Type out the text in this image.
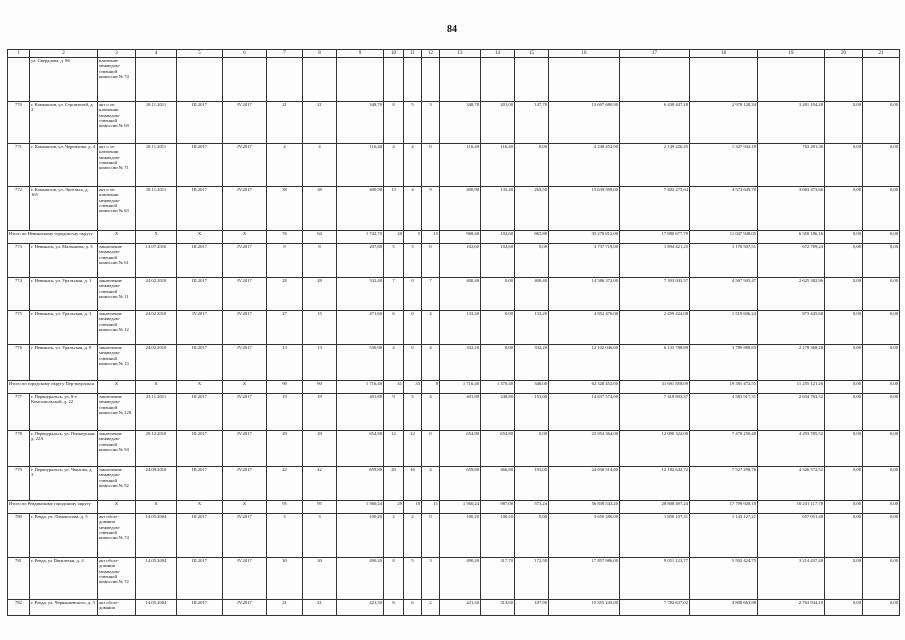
84
1	2	3	4	5	6	7	8	9	10	11	12	13	14	15	16	17	18	19	20	21
	ул. Свердлова, д. 86	ключение межведом-ственной комиссии № 74																		
770	г. Камышлов, ул. Строителей, д. 2	акт о за-ключении межведом-ственной комиссии № 69	18.11.2011	III.2017	IV.2017	21	21	348,70	8	5	3	348,70	201,00	147,70	13 697 680,90	6 438 447,28	2 978 128,34	3 281 104,28	0,00	0,00
771	г. Камышлов, ул. Черемхова, д. 4	акт о за-ключении межведом-ственной комиссии № 71	18.11.2011	III.2017	IV.2017	4	4	116,40	4	4	0	116,40	116,40	0,00	4 240 452,00	2 149 226,45	1 327 944,19	763 281,36	0,00	0,00
772	г. Камышлов, ул. Энгельса, д. 165	акт о за-ключении межведом-ственной комиссии № 63	18.11.2011	III.2017	IV.2017	38	38	400,90	13	4	9	400,90	135,40	265,50	15 639 399,00	7 402 275,64	4 573 649,70	3 663 473,66	0,00	0,00
Итого по Невьянскому городско-му округу		X	X	X	X	76	64	1 742,70	20	5	15	968,40	102,60	865,80	35 278 812,00	17 880 677,79	11 047 948,05	6 350 186,16	0,00	0,00
773	г. Невьянск, ул. Малышева, д. 3	заключение межведом-ственной комиссии № 61	13.07.2010	III.2017	IV.2017	8	8	207,80	5	5	0	102,60	102,60	0,00	3 737 718,00	1 894 421,25	1 170 507,51	672 789,24	0,00	0,00
774	г. Невьянск, ул. Уральская, д. 1	заключение межведом-ственной комиссии № 11	24.02.2010	III.2017	IV.2017	28	28	532,40	7	0	7	400,40	0,00	400,40	14 586 372,00	7 393 043,57	4 567 945,47	2 625 382,96	0,00	0,00
775	г. Невьянск, ул. Уральская, д. 3	заключение межведом-ственной комиссии № 12	24.02.2010	IV.2017	IV.2017	27	15	471,60	6	0	4	133,20	0,00	133,20	4 852 476,00	2 459 424,08	1 519 606,24	873 445,68	0,00	0,00
776	г. Невьянск, ул. Уральская, д. 9	заключение межведом-ственной комиссии № 13	24.02.2010	III.2017	IV.2017	13	13	530,90	4	0	4	332,20	0,00	332,20	12 102 046,00	6 133 788,89	3 789 888,83	2 178 368,28	0,00	0,00
Итого по городскому округу Пер-воуральск		X	X	X	X	90	90	1 716,40	41	33	8	1 716,40	1 370,40	346,00	62 528 452,00	31 691 858,09	19 581 472,55	11 255 121,26	0,00	0,00
777	г. Первоуральск, ул. 8-е Комсомольской, д. 22	заключение межведом-ственной комиссии № 128	25.11.2011	III.2017	IV.2017	19	19	401,80	9	5	4	401,80	248,80	153,00	14 637 574,00	7 418 803,37	4 583 917,31	2 634 763,32	0,00	0,00
778	г. Первоуральск, ул. Пионерская, д. 22А	заключение межведом-ственной комиссии № 94	29.12.2010	III.2017	IV.2017	29	29	654,80	12	12	0	654,80	654,80	0,00	23 854 364,00	12 090 322,00	7 470 256,48	4 293 785,52	0,00	0,00
779	г. Первоуральск, ул. Чкалова, д. 3	заключение межведом-ственной комиссии № 92	24.09.2010	III.2017	IV.2017	42	42	659,80	20	16	4	659,80	466,80	193,00	24 036 514,00	12 182 642,72	7 527 298,76	4 326 572,52	0,00	0,00
Итого по Ревдинскому городскому округу		X	X	X	X	95	95	1 560,24	29	18	11	1 560,24	987,00	573,24	56 839 543,20	28 808 497,24	17 799 928,18	10 231 117,78	0,00	0,00
780	г. Ревда, ул. Ломоносова, д. 5	акт обсле-дования межведом-ственной комиссии № 74	14.05.2004	III.2017	IV.2017	3	3	100,20	2	2	0	100,20	100,20	0,00	3 650 286,00	1 850 107,31	1 143 127,21	657 051,48	0,00	0,00
781	г. Ревда, ул Пятилетки, д. 4	акт обсле-дования межведом-ственной комиссии № 72	14.05.2004	III.2017	IV.2017	30	30	490,20	8	5	3	490,20	317,70	172,50	17 857 986,00	9 051 123,77	5 592 424,75	3 214 437,48	0,00	0,00
782	г. Ревда, ул. Чернышевского, д. 3	акт обсле-дования	14.05.2004	III.2017	IV.2017	21	21	421,50	8	6	2	421,50	313,60	107,90	15 355 245,00	7 782 637,02	4 808 663,88	2 763 944,10	0,00	0,00
